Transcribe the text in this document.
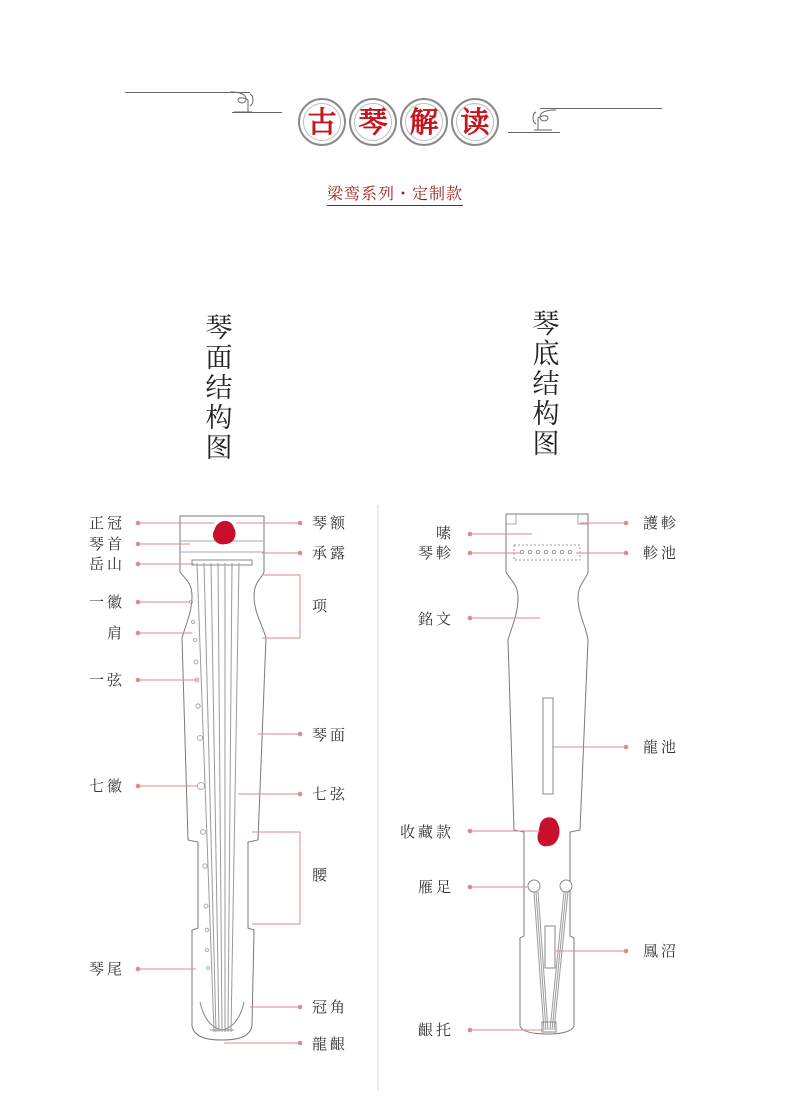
古 琴 解 读
梁鸾系列・定制款
琴
面
结
构
图
琴
底
结
构
图
正冠
琴首
岳山
一徽
肩
一弦
七徽
琴尾
琴额
承露
项
琴面
七弦
腰
冠角
龍齦
嗉
琴軫
銘文
收藏款
雁足
齦托
護軫
軫池
龍池
鳳沼
